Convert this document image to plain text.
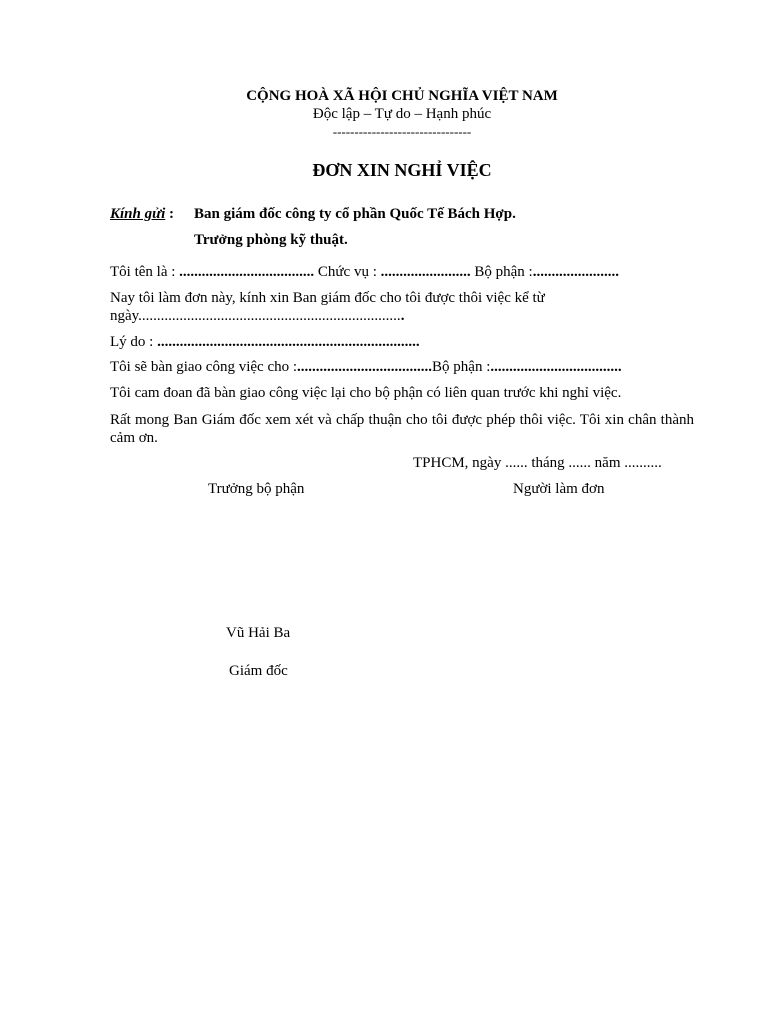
CỘNG HOÀ XÃ HỘI CHỦ NGHĨA VIỆT NAM
Độc lập – Tự do – Hạnh phúc
--------------------------------
ĐƠN XIN NGHỈ VIỆC
Kính gửi : Ban giám đốc công ty cổ phần Quốc Tế Bách Hợp.
Trưởng phòng kỹ thuật.
Tôi tên là : .................................... Chức vụ : ........................ Bộ phận :.......................
Nay tôi làm đơn này, kính xin Ban giám đốc cho tôi được thôi việc kể từ
ngày.......................................................................
Lý do : ......................................................................
Tôi sẽ bàn giao công việc cho :....................................Bộ phận :...................................
Tôi cam đoan đã bàn giao công việc lại cho bộ phận có liên quan trước khi nghỉ việc.
Rất mong Ban Giám đốc xem xét và chấp thuận cho tôi được phép thôi việc. Tôi xin chân thành cảm ơn.
TPHCM, ngày ...... tháng ...... năm ..........
Trưởng bộ phận	Người làm đơn
Vũ Hải Ba
Giám đốc
